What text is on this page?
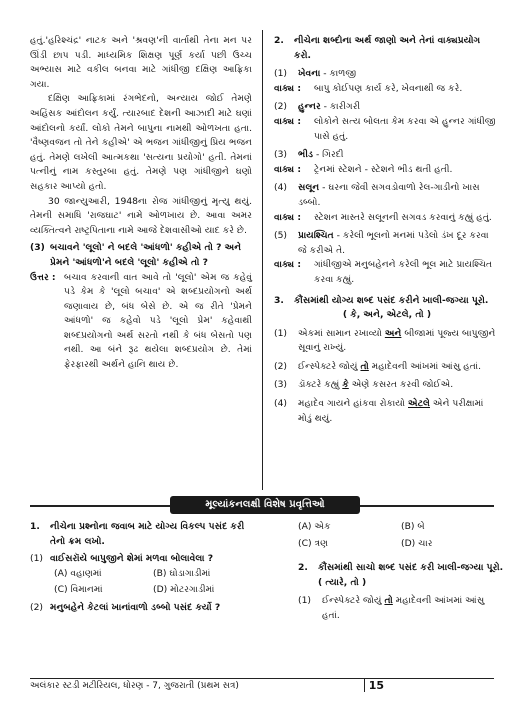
હતું.'હરિશ્ચંદ્ર' નાટક અને 'શ્રવણ'ની વાર્તાથી તેના મન પર ઊંડી છાપ પડી. માધ્યમિક શિક્ષણ પૂર્ણ કર્યા પછી ઉચ્ચ અભ્યાસ માટે વકીલ બનવા માટે ગાંધીજી દક્ષિણ આફ્રિકા ગયા.

દક્ષિણ આફ્રિકામાં રંગભેદનો, અન્યાય જોઈ તેમણે અહિંસક આંદોલન કર્યું. ત્યારબાદ દેશની આઝાદી માટે ઘણાં આંદોલનો કર્યાં. લોકો તેમને બાપુના નામથી ઓળખતા હતા. 'વૈષ્ણવજન તો તેને કહીએ' એ ભજન ગાંધીજીનું પ્રિય ભજન હતું. તેમણે લખેલી આત્મકથા 'સત્યના પ્રયોગો' હતી. તેમનાં પત્નીનું નામ કસ્તુરબા હતું. તેમણે પણ ગાંધીજીને ઘણો સહકાર આપ્યો હતો.

30 જાન્યુઆરી, 1948ના રોજ ગાંધીજીનું મૃત્યુ થયું. તેમની સમાધિ 'રાજઘાટ' નામે ઓળખાય છે. આવા અમર વ્યક્તિત્વને રાષ્ટ્રપિતાના નામે આજે દેશવાસીઓ યાદ કરે છે.

(3) બચાવને 'લૂલો' ને બદલે 'આંધળો' કહીએ તો ? અને પ્રેમને 'આંધળો'ને બદલે 'લૂલો' કહીએ તો ?
ઉત્તર : બચાવ કરવાની વાત આવે તો 'લૂલો' એમ જ કહેવું પડે કેમ કે 'લૂલો બચાવ' એ શબ્દપ્રયોગનો અર્થ જણાવાય છે, બંધ બેસે છે. એ જ રીતે 'પ્રેમને આંધળો' જ કહેવો પડે 'લૂલો પ્રેમ' કહેવાથી શબ્દપ્રયોગનો અર્થ સરતો નથી કે બંધ બેસતો પણ નથી. આ બંને રૂઢ થયેલા શબ્દપ્રયોગ છે. તેમાં ફેરફારથી અર્થને હાનિ થાય છે.
2.	નીચેના શબ્દોના અર્થ જાણો અને તેનાં વાક્યપ્રયોગ કરો.
(1)	ખેવના - કાળજી
વાક્ય :	બાપુ કોઈપણ કાર્ય કરે, ખેવનાથી જ કરે.
(2)	હુન્નર - કારીગરી
વાક્ય :	લોકોને સત્ય બોલતા કેમ કરવા એ હુન્નર ગાંધીજી પાસે હતું.
(3)	ભીડ - ગિરદી
વાક્ય :	ટ્રેનમાં સ્ટેશને - સ્ટેશને ભીડ થતી હતી.
(4)	સલૂન - ઘરના જેવી સગવડોવાળો રેલ-ગાડીનો ખાસ ડબ્બો.
વાક્ય :	સ્ટેશન માસ્તરે સલૂનની સગવડ કરવાનું કહ્યું હતું.
(5)	પ્રાયશ્ચિત - કરેલી ભૂલનો મનમાં પડેલો ડંખ દૂર કરવા જે કરીએ તે.
વાક્ય :	ગાંધીજીએ મનુબહેનને કરેલી ભૂલ માટે પ્રાયશ્ચિત કરવા કહ્યું.
3.	કૌંસમાંથી યોગ્ય શબ્દ પસંદ કરીને ખાલી-જગ્યા પૂરો.
( કે, અને, એટલે, તો )
(1)	એકમાં સામાન રખાવ્યો અને બીજામાં પૂજ્ય બાપુજીને સૂવાનું રાખ્યું.
(2)	ઈન્સ્પેક્ટરે જોયું તો મહાદેવની આંખમાં આંસુ હતાં.
(3)	ડૉક્ટરે કહ્યું કે એણે કસરત કરવી જોઈએ.
(4)	મહાદેવ ગાયને હાંકવા રોકાયો એટલે એને પરીક્ષામાં મોડું થયું.
મૂલ્યાંકનલક્ષી વિશેષ પ્રવૃત્તિઓ
1.	નીચેના પ્રશ્નોના જવાબ માટે યોગ્ય વિકલ્પ પસંદ કરી તેનો ક્રમ લખો.
(1) વાઈસરૉયે બાપુજીને શેમાં મળવા બોલાવેલા ?
(A) વહાણમાં	(B) ઘોડાગાડીમાં
(C) વિમાનમાં	(D) મોટરગાડીમાં
(2) મનુબહેને કેટલાં ખાનાંવાળો ડબ્બો પસંદ કર્યો ?
(A) એક	(B) બે
(C) ત્રણ	(D) ચાર
2.	કૌંસમાંથી સાચો શબ્દ પસંદ કરી ખાલી-જગ્યા પૂરો.
( ત્યારે, તો )
(1)	ઈન્સ્પેક્ટરે જોયું તો મહાદેવની આંખમાં આંસુ હતાં.
અલંકાર સ્ટડી મટીરિયલ, ધોરણ - 7, ગુજરાતી (પ્રથમ સત્ર)	15
